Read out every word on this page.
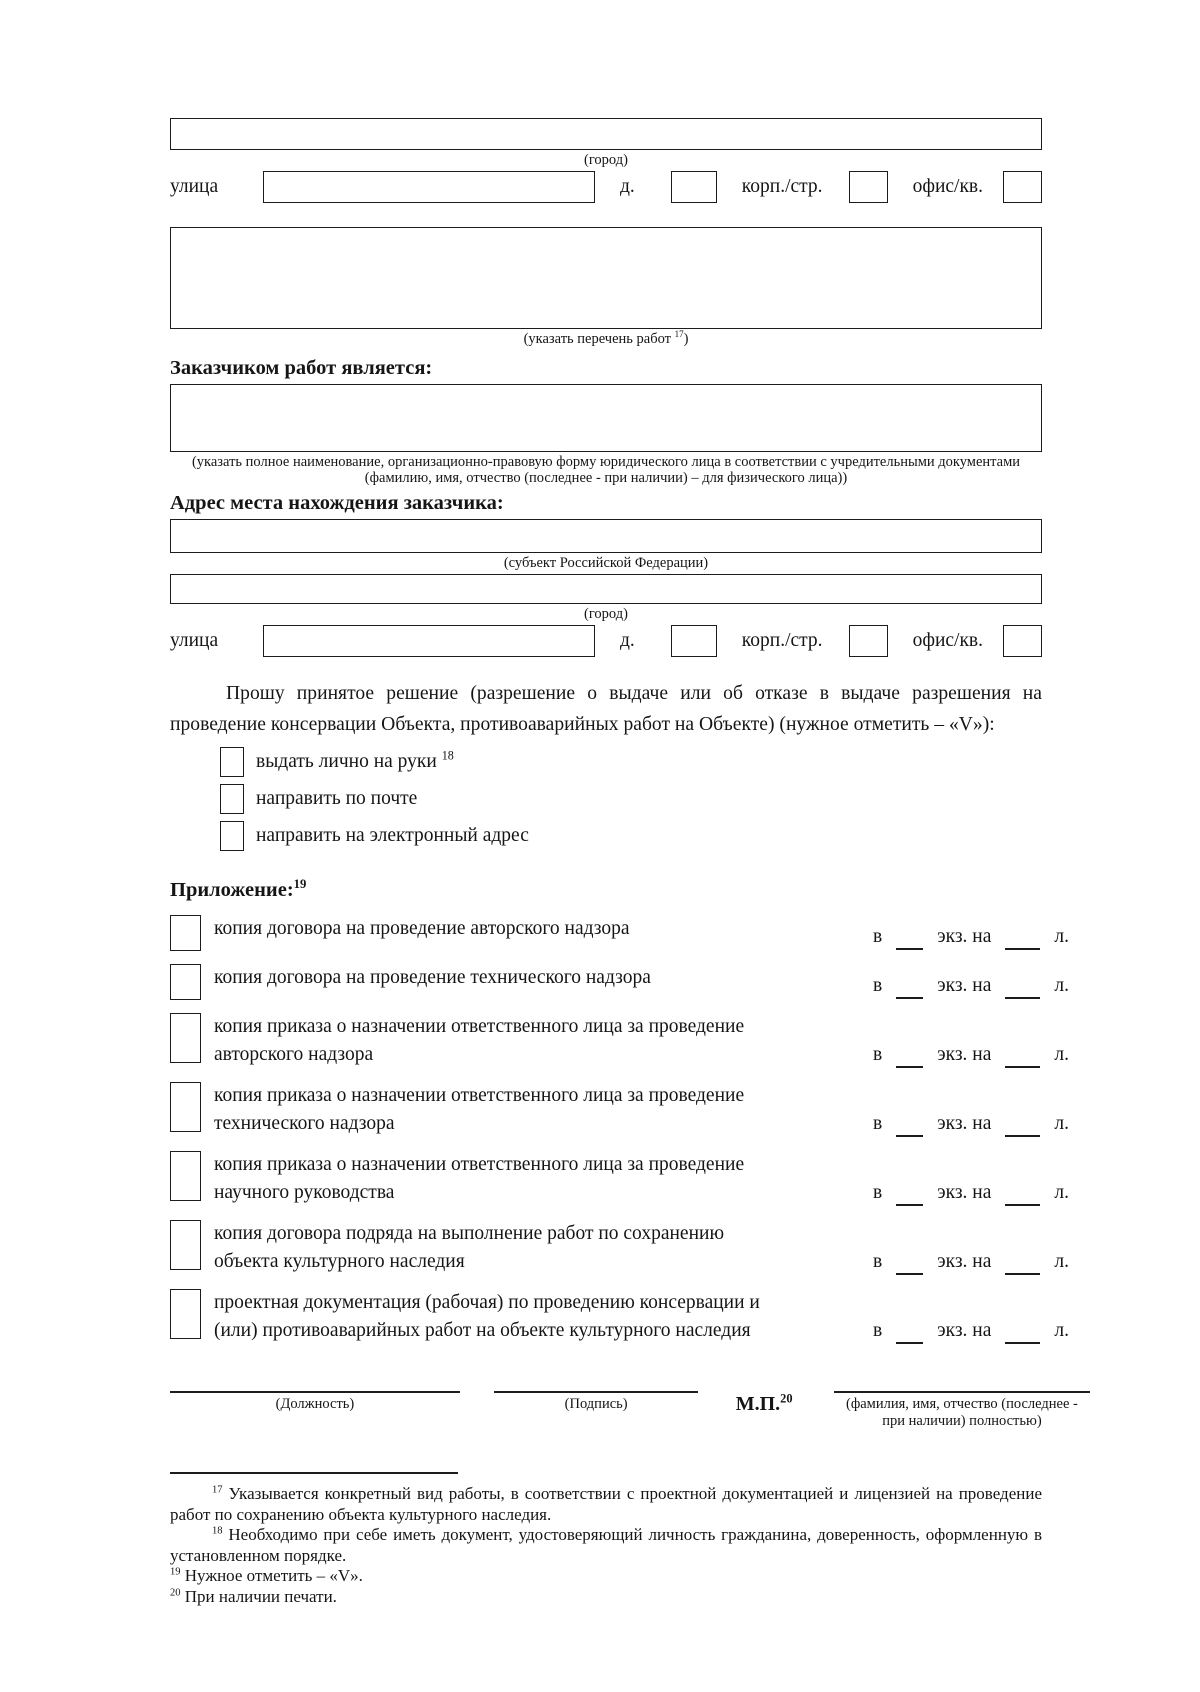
(город)
улица	д.	корп./стр.	офис/кв.
(указать перечень работ $^{17}$)
Заказчиком работ является:
(указать полное наименование, организационно-правовую форму юридического лица в соответствии с учредительными документами
(фамилию, имя, отчество (последнее - при наличии) – для физического лица))
Адрес места нахождения заказчика:
(субъект Российской Федерации)
(город)
улица	д.	корп./стр.	офис/кв.
Прошу принятое решение (разрешение о выдаче или об отказе в выдаче разрешения на проведение консервации Объекта, противоаварийных работ на Объекте) (нужное отметить – «V»):
выдать лично на руки $^{18}$
направить по почте
направить на электронный адрес
Приложение:$^{19}$
копия договора на проведение авторского надзора	в	экз. на	л.
копия договора на проведение технического надзора	в	экз. на	л.
копия приказа о назначении ответственного лица за проведение
авторского надзора	в	экз. на	л.
копия приказа о назначении ответственного лица за проведение
технического надзора	в	экз. на	л.
копия приказа о назначении ответственного лица за проведение
научного руководства	в	экз. на	л.
копия договора подряда на выполнение работ по сохранению
объекта культурного наследия	в	экз. на	л.
проектная документация (рабочая) по проведению консервации и
(или) противоаварийных работ на объекте культурного наследия	в	экз. на	л.
(Должность)	(Подпись)	М.П.$^{20}$	(фамилия, имя, отчество (последнее - при наличии) полностью)

$^{17}$ Указывается конкретный вид работы, в соответствии с проектной документацией и лицензией на проведение работ по сохранению объекта культурного наследия.

$^{18}$ Необходимо при себе иметь документ, удостоверяющий личность гражданина, доверенность, оформленную в установленном порядке.

$^{19}$ Нужное отметить – «V».

$^{20}$ При наличии печати.
